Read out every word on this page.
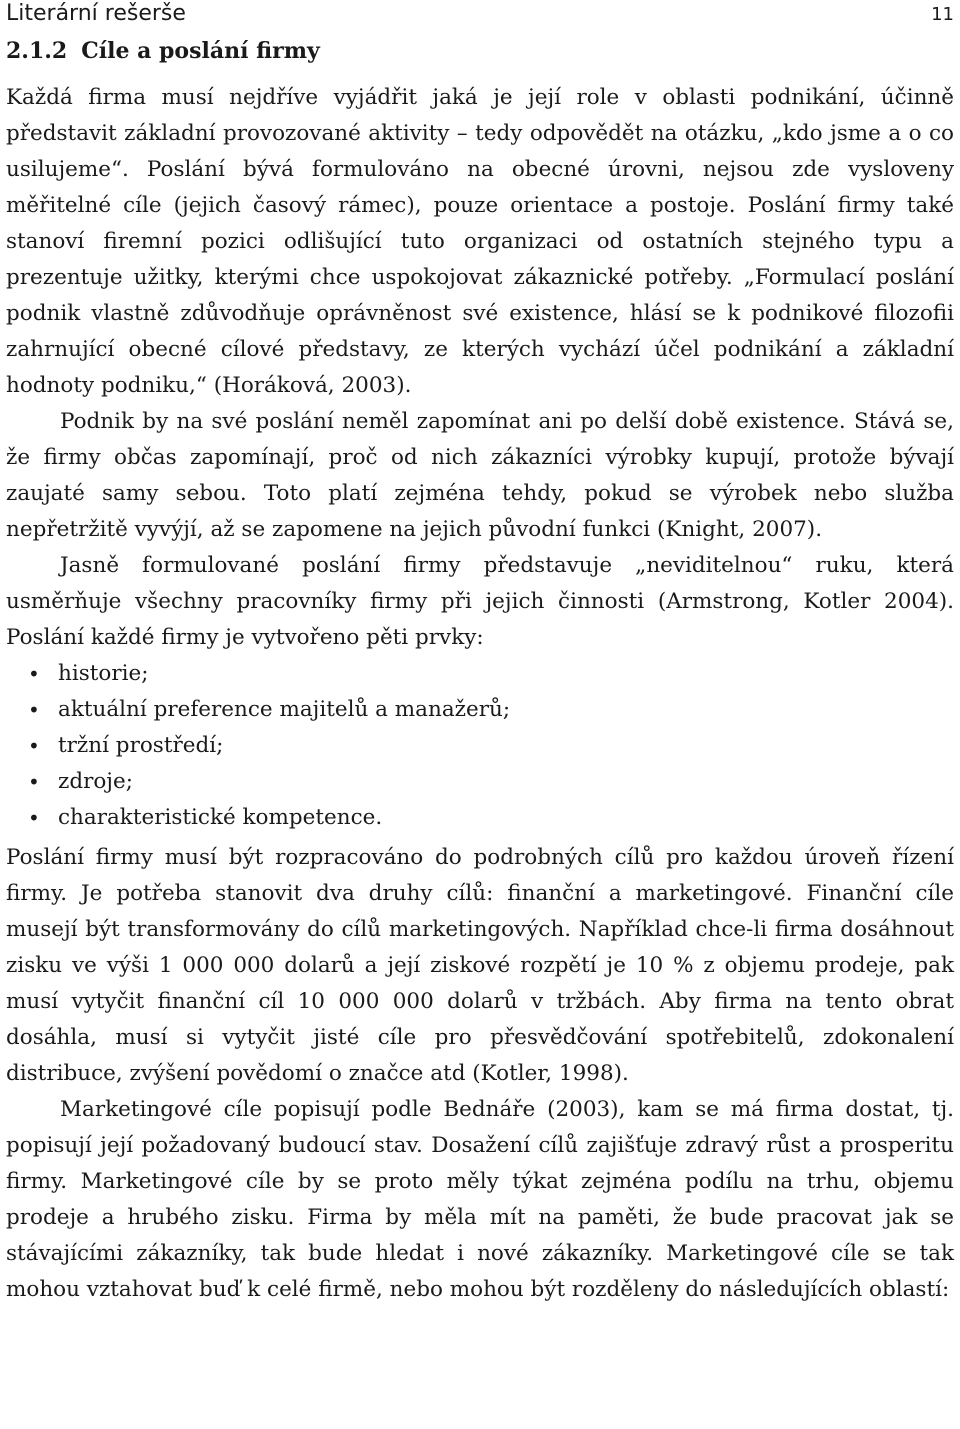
Literární rešerše	11
2.1.2 Cíle a poslání firmy

Každá firma musí nejdříve vyjádřit jaká je její role v oblasti podnikání, účinně představit základní provozované aktivity – tedy odpovědět na otázku, „kdo jsme a o co usilujeme“. Poslání bývá formulováno na obecné úrovni, nejsou zde vysloveny měřitelné cíle (jejich časový rámec), pouze orientace a postoje. Poslání firmy také stanoví firemní pozici odlišující tuto organizaci od ostatních stejného typu a prezentuje užitky, kterými chce uspokojovat zákaznické potřeby. „Formulací poslání podnik vlastně zdůvodňuje oprávněnost své existence, hlásí se k podnikové filozofii zahrnující obecné cílové představy, ze kterých vychází účel podnikání a základní hodnoty podniku,“ (Horáková, 2003).

Podnik by na své poslání neměl zapomínat ani po delší době existence. Stává se, že firmy občas zapomínají, proč od nich zákazníci výrobky kupují, protože bývají zaujaté samy sebou. Toto platí zejména tehdy, pokud se výrobek nebo služba nepřetržitě vyvýjí, až se zapomene na jejich původní funkci (Knight, 2007).

Jasně formulované poslání firmy představuje „neviditelnou“ ruku, která usměrňuje všechny pracovníky firmy při jejich činnosti (Armstrong, Kotler 2004). Poslání každé firmy je vytvořeno pěti prvky:

• historie;
• aktuální preference majitelů a manažerů;
• tržní prostředí;
• zdroje;
• charakteristické kompetence.

Poslání firmy musí být rozpracováno do podrobných cílů pro každou úroveň řízení firmy. Je potřeba stanovit dva druhy cílů: finanční a marketingové. Finanční cíle musejí být transformovány do cílů marketingových. Například chce-li firma dosáhnout zisku ve výši 1 000 000 dolarů a její ziskové rozpětí je 10 % z objemu prodeje, pak musí vytyčit finanční cíl 10 000 000 dolarů v tržbách. Aby firma na tento obrat dosáhla, musí si vytyčit jisté cíle pro přesvědčování spotřebitelů, zdokonalení distribuce, zvýšení povědomí o značce atd (Kotler, 1998).

Marketingové cíle popisují podle Bednáře (2003), kam se má firma dostat, tj. popisují její požadovaný budoucí stav. Dosažení cílů zajišťuje zdravý růst a prosperitu firmy. Marketingové cíle by se proto měly týkat zejména podílu na trhu, objemu prodeje a hrubého zisku. Firma by měla mít na paměti, že bude pracovat jak se stávajícími zákazníky, tak bude hledat i nové zákazníky. Marketingové cíle se tak mohou vztahovat buď k celé firmě, nebo mohou být rozděleny do následujících oblastí:
